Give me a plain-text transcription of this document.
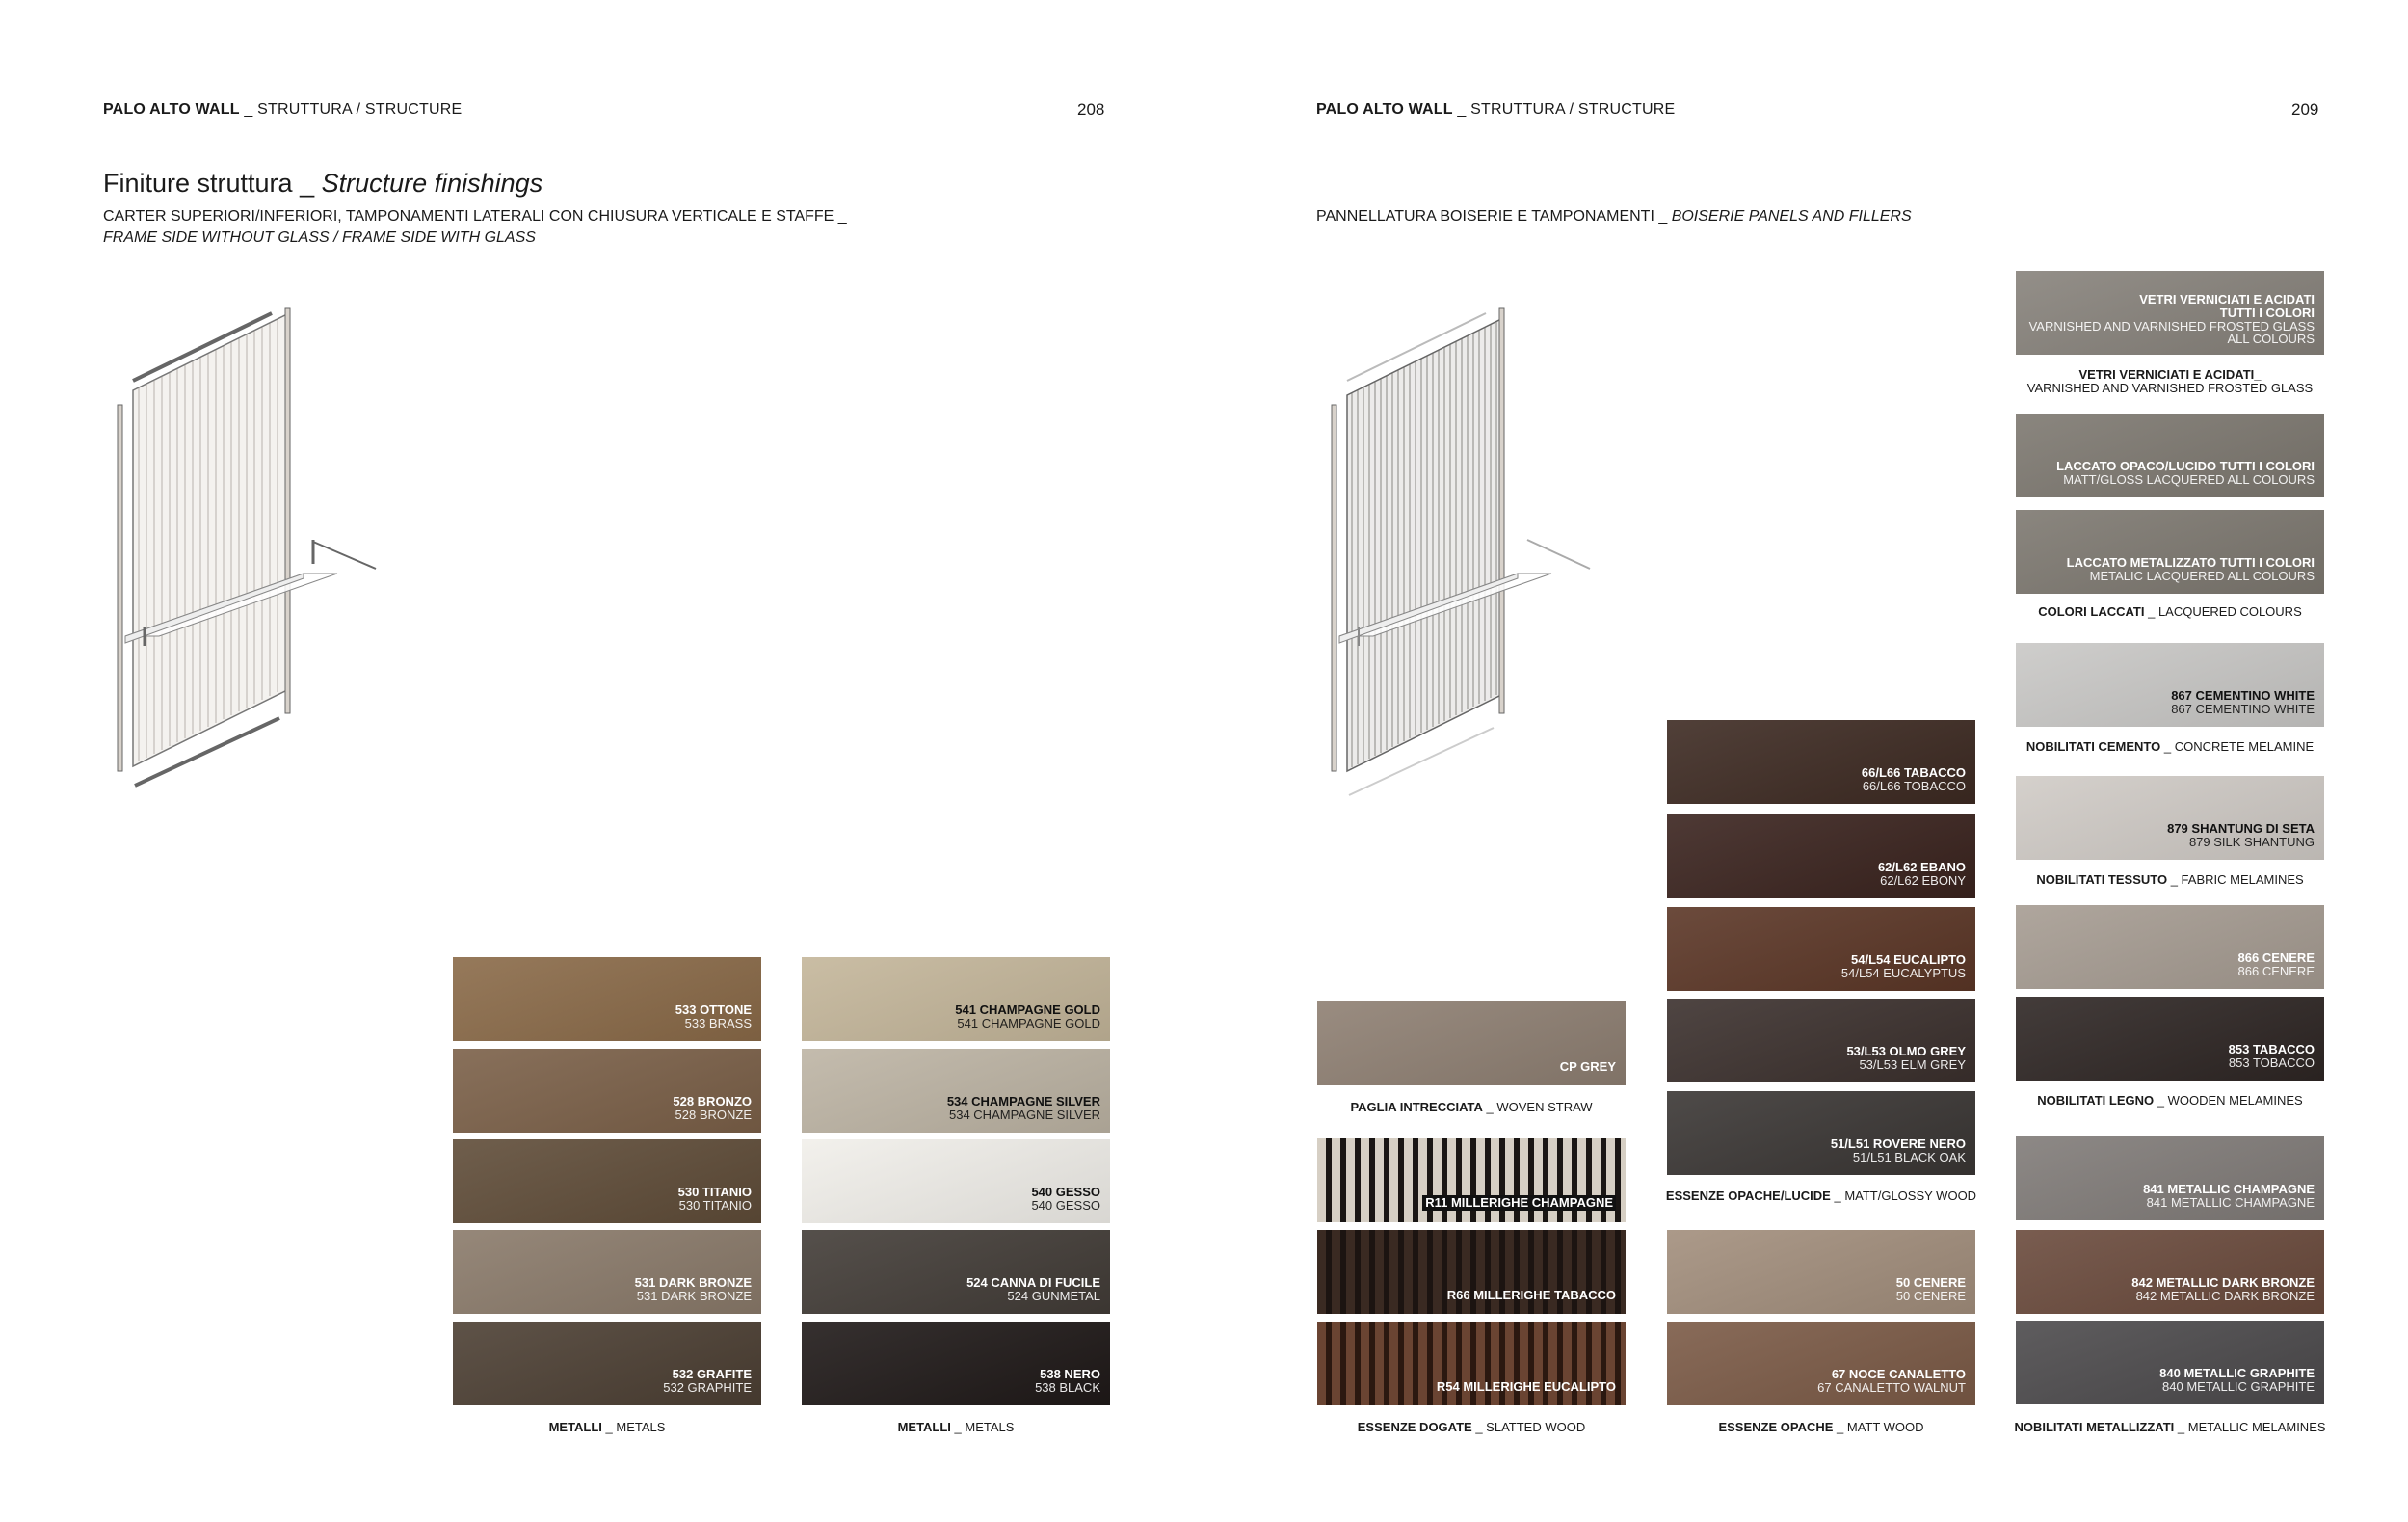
PALO ALTO WALL _ STRUTTURA / STRUCTURE	208
Finiture struttura _ Structure finishings
CARTER SUPERIORI/INFERIORI, TAMPONAMENTI LATERALI CON CHIUSURA VERTICALE E STAFFE _
FRAME SIDE WITHOUT GLASS / FRAME SIDE WITH GLASS
533 OTTONE
533 BRASS
528 BRONZO
528 BRONZE
530 TITANIO
530 TITANIO
531 DARK BRONZE
531 DARK BRONZE
532 GRAFITE
532 GRAPHITE
METALLI _ METALS
541 CHAMPAGNE GOLD
541 CHAMPAGNE GOLD
534 CHAMPAGNE SILVER
534 CHAMPAGNE SILVER
540 GESSO
540 GESSO
524 CANNA DI FUCILE
524 GUNMETAL
538 NERO
538 BLACK
METALLI _ METALS
PALO ALTO WALL _ STRUTTURA / STRUCTURE	209
PANNELLATURA BOISERIE E TAMPONAMENTI _ BOISERIE PANELS AND FILLERS
CP GREY
PAGLIA INTRECCIATA _ WOVEN STRAW
R11 MILLERIGHE CHAMPAGNE
R66 MILLERIGHE TABACCO
R54 MILLERIGHE EUCALIPTO
ESSENZE DOGATE _ SLATTED WOOD
66/L66 TABACCO
66/L66 TOBACCO
62/L62 EBANO
62/L62 EBONY
54/L54 EUCALIPTO
54/L54 EUCALYPTUS
53/L53 OLMO GREY
53/L53 ELM GREY
51/L51 ROVERE NERO
51/L51 BLACK OAK
ESSENZE OPACHE/LUCIDE _ MATT/GLOSSY WOOD
50 CENERE
50 CENERE
67 NOCE CANALETTO
67 CANALETTO WALNUT
ESSENZE OPACHE _ MATT WOOD
VETRI VERNICIATI E ACIDATI
TUTTI I COLORI
VARNISHED AND VARNISHED FROSTED GLASS
ALL COLOURS
VETRI VERNICIATI E ACIDATI_
VARNISHED AND VARNISHED FROSTED GLASS
LACCATO OPACO/LUCIDO TUTTI I COLORI
MATT/GLOSS LACQUERED ALL COLOURS
LACCATO METALIZZATO TUTTI I COLORI
METALIC LACQUERED ALL COLOURS
COLORI LACCATI _ LACQUERED COLOURS
867 CEMENTINO WHITE
867 CEMENTINO WHITE
NOBILITATI CEMENTO _ CONCRETE MELAMINE
879 SHANTUNG DI SETA
879 SILK SHANTUNG
NOBILITATI TESSUTO _ FABRIC MELAMINES
866 CENERE
866 CENERE
853 TABACCO
853 TOBACCO
NOBILITATI LEGNO _ WOODEN MELAMINES
841 METALLIC CHAMPAGNE
841 METALLIC CHAMPAGNE
842 METALLIC DARK BRONZE
842 METALLIC DARK BRONZE
840 METALLIC GRAPHITE
840 METALLIC GRAPHITE
NOBILITATI METALLIZZATI _ METALLIC MELAMINES
